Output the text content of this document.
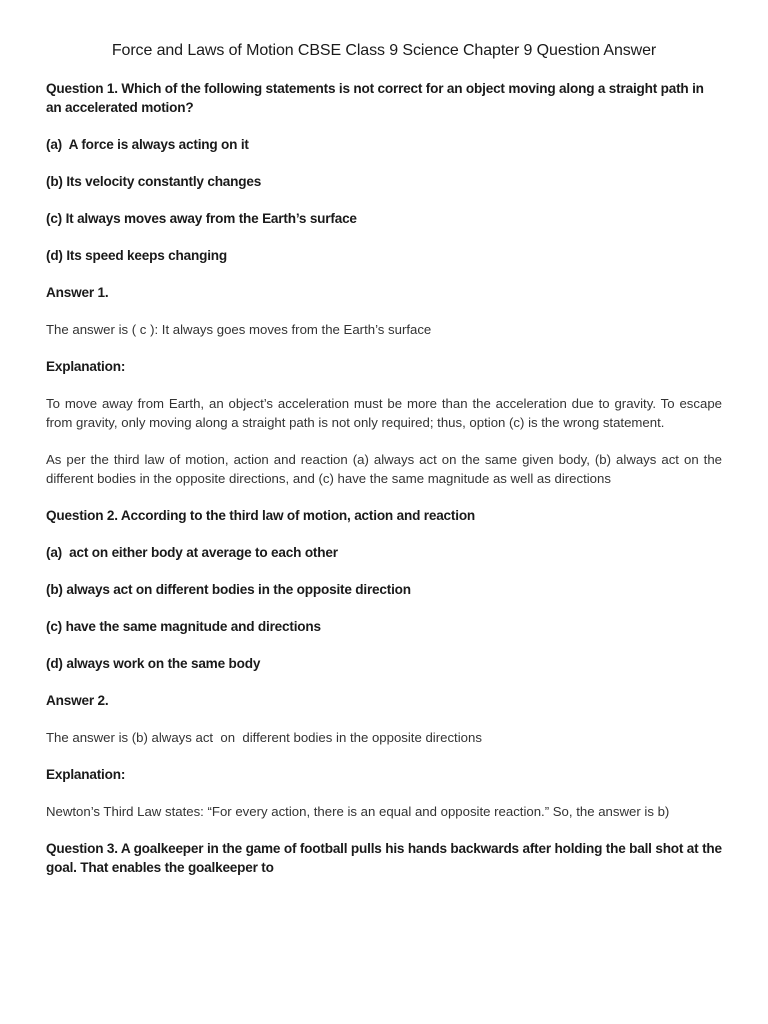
Force and Laws of Motion CBSE Class 9 Science Chapter 9 Question Answer
Question 1. Which of the following statements is not correct for an object moving along a straight path in an accelerated motion?
(a)  A force is always acting on it
(b) Its velocity constantly changes
(c) It always moves away from the Earth’s surface
(d) Its speed keeps changing
Answer 1.
The answer is ( c ): It always goes moves from the Earth’s surface
Explanation:
To move away from Earth, an object’s acceleration must be more than the acceleration due to gravity. To escape from gravity, only moving along a straight path is not only required; thus, option (c) is the wrong statement.
As per the third law of motion, action and reaction (a) always act on the same given body, (b) always act on the different bodies in the opposite directions, and (c) have the same magnitude as well as directions
Question 2. According to the third law of motion, action and reaction
(a)  act on either body at average to each other
(b) always act on different bodies in the opposite direction
(c) have the same magnitude and directions
(d) always work on the same body
Answer 2.
The answer is (b) always act  on  different bodies in the opposite directions
Explanation:
Newton’s Third Law states: “For every action, there is an equal and opposite reaction.” So, the answer is b)
Question 3. A goalkeeper in the game of football pulls his hands backwards after holding the ball shot at the goal. That enables the goalkeeper to
